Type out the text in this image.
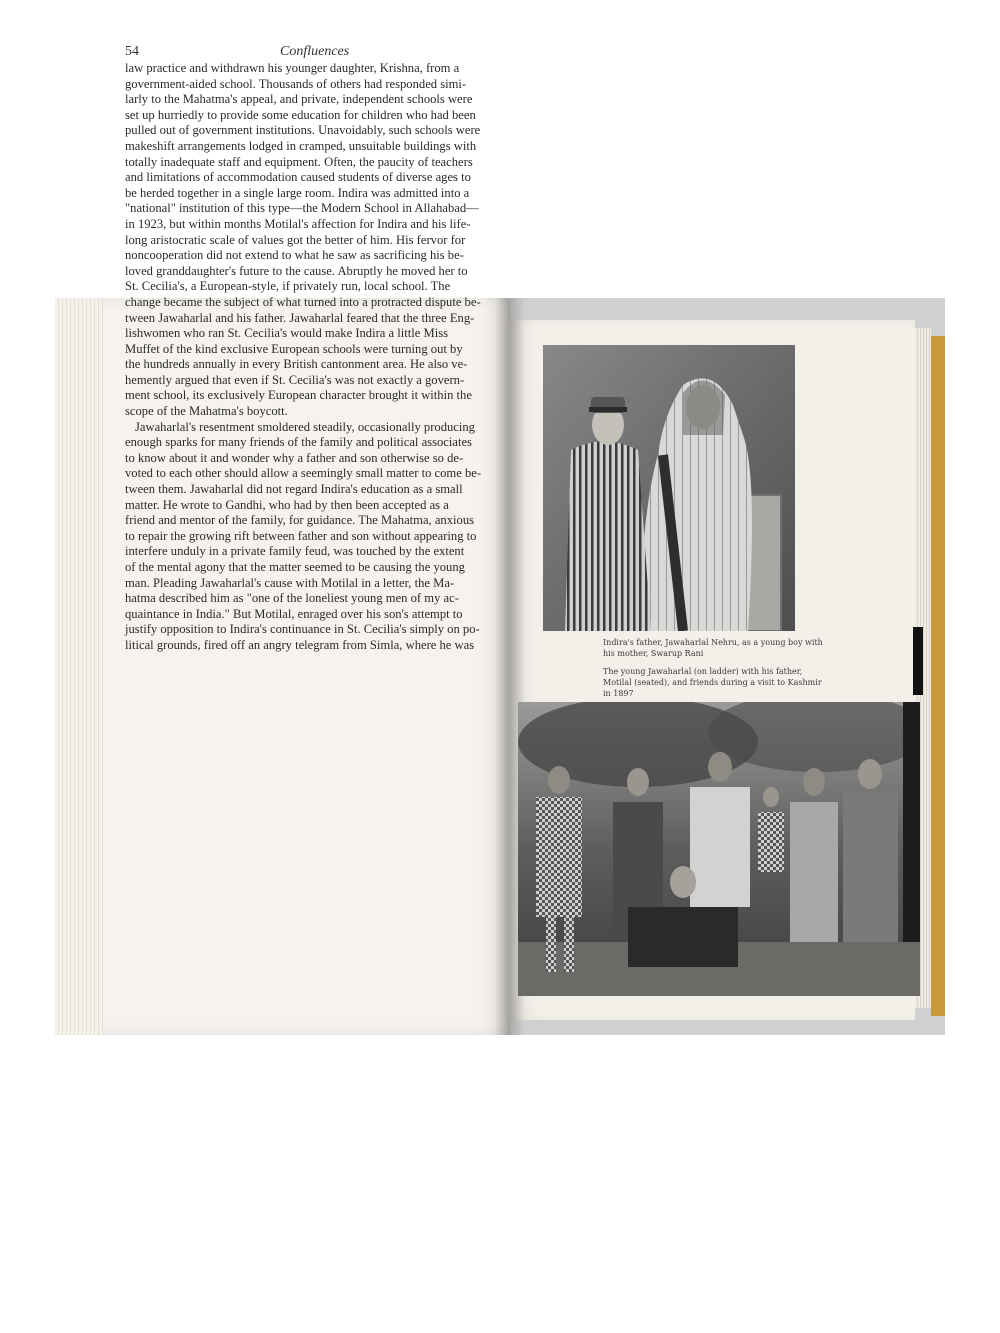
54	Confluences
law practice and withdrawn his younger daughter, Krishna, from a
government-aided school. Thousands of others had responded simi-
larly to the Mahatma's appeal, and private, independent schools were
set up hurriedly to provide some education for children who had been
pulled out of government institutions. Unavoidably, such schools were
makeshift arrangements lodged in cramped, unsuitable buildings with
totally inadequate staff and equipment. Often, the paucity of teachers
and limitations of accommodation caused students of diverse ages to
be herded together in a single large room. Indira was admitted into a
"national" institution of this type—the Modern School in Allahabad—
in 1923, but within months Motilal's affection for Indira and his life-
long aristocratic scale of values got the better of him. His fervor for
noncooperation did not extend to what he saw as sacrificing his be-
loved granddaughter's future to the cause. Abruptly he moved her to
St. Cecilia's, a European-style, if privately run, local school. The
change became the subject of what turned into a protracted dispute be-
tween Jawaharlal and his father. Jawaharlal feared that the three Eng-
lishwomen who ran St. Cecilia's would make Indira a little Miss
Muffet of the kind exclusive European schools were turning out by
the hundreds annually in every British cantonment area. He also ve-
hemently argued that even if St. Cecilia's was not exactly a govern-
ment school, its exclusively European character brought it within the
scope of the Mahatma's boycott.
Jawaharlal's resentment smoldered steadily, occasionally producing
enough sparks for many friends of the family and political associates
to know about it and wonder why a father and son otherwise so de-
voted to each other should allow a seemingly small matter to come be-
tween them. Jawaharlal did not regard Indira's education as a small
matter. He wrote to Gandhi, who had by then been accepted as a
friend and mentor of the family, for guidance. The Mahatma, anxious
to repair the growing rift between father and son without appearing to
interfere unduly in a private family feud, was touched by the extent
of the mental agony that the matter seemed to be causing the young
man. Pleading Jawaharlal's cause with Motilal in a letter, the Ma-
hatma described him as "one of the loneliest young men of my ac-
quaintance in India." But Motilal, enraged over his son's attempt to
justify opposition to Indira's continuance in St. Cecilia's simply on po-
litical grounds, fired off an angry telegram from Simla, where he was	Indira's father, Jawaharlal Nehru, as a young boy with his mother, Swarup Rani
The young Jawaharlal (on ladder) with his father, Motilal (seated), and friends during a visit to Kashmir in 1897
